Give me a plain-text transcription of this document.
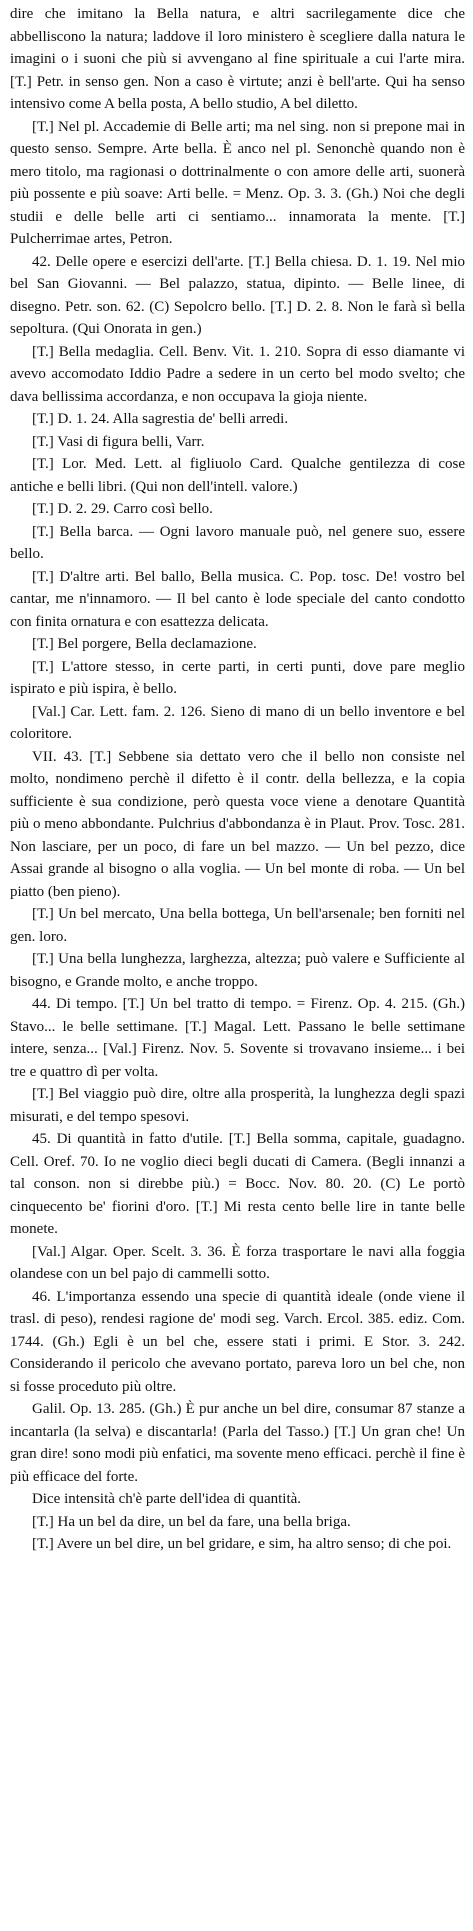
dire che imitano la Bella natura, e altri sacrilegamente dice che abbelliscono la natura; laddove il loro ministero è scegliere dalla natura le imagini o i suoni che più si avvengano al fine spirituale a cui l'arte mira. [T.] Petr. in senso gen. Non a caso è virtute; anzi è bell'arte. Qui ha senso intensivo come A bella posta, A bello studio, A bel diletto.

[T.] Nel pl. Accademie di Belle arti; ma nel sing. non si prepone mai in questo senso. Sempre. Arte bella. È anco nel pl. Senonchè quando non è mero titolo, ma ragionasi o dottrinalmente o con amore delle arti, suonerà più possente e più soave: Arti belle. = Menz. Op. 3. 3. (Gh.) Noi che degli studii e delle belle arti ci sentiamo... innamorata la mente. [T.] Pulcherrimae artes, Petron.

42. Delle opere e esercizi dell'arte. [T.] Bella chiesa. D. 1. 19. Nel mio bel San Giovanni. — Bel palazzo, statua, dipinto. — Belle linee, di disegno. Petr. son. 62. (C) Sepolcro bello. [T.] D. 2. 8. Non le farà sì bella sepoltura. (Qui Onorata in gen.)

[T.] Bella medaglia. Cell. Benv. Vit. 1. 210. Sopra di esso diamante vi avevo accomodato Iddio Padre a sedere in un certo bel modo svelto; che dava bellissima accordanza, e non occupava la gioja niente.

[T.] D. 1. 24. Alla sagrestia de' belli arredi.

[T.] Vasi di figura belli, Varr.

[T.] Lor. Med. Lett. al figliuolo Card. Qualche gentilezza di cose antiche e belli libri. (Qui non dell'intell. valore.)

[T.] D. 2. 29. Carro così bello.

[T.] Bella barca. — Ogni lavoro manuale può, nel genere suo, essere bello.

[T.] D'altre arti. Bel ballo, Bella musica. C. Pop. tosc. De! vostro bel cantar, me n'innamoro. — Il bel canto è lode speciale del canto condotto con finita ornatura e con esattezza delicata.

[T.] Bel porgere, Bella declamazione.

[T.] L'attore stesso, in certe parti, in certi punti, dove pare meglio ispirato e più ispira, è bello.

[Val.] Car. Lett. fam. 2. 126. Sieno di mano di un bello inventore e bel coloritore.

VII. 43. [T.] Sebbene sia dettato vero che il bello non consiste nel molto, nondimeno perchè il difetto è il contr. della bellezza, e la copia sufficiente è sua condizione, però questa voce viene a denotare Quantità più o meno abbondante. Pulchrius d'abbondanza è in Plaut. Prov. Tosc. 281. Non lasciare, per un poco, di fare un bel mazzo. — Un bel pezzo, dice Assai grande al bisogno o alla voglia. — Un bel monte di roba. — Un bel piatto (ben pieno).

[T.] Un bel mercato, Una bella bottega, Un bell'arsenale; ben forniti nel gen. loro.

[T.] Una bella lunghezza, larghezza, altezza; può valere e Sufficiente al bisogno, e Grande molto, e anche troppo.

44. Di tempo. [T.] Un bel tratto di tempo. = Firenz. Op. 4. 215. (Gh.) Stavo... le belle settimane. [T.] Magal. Lett. Passano le belle settimane intere, senza... [Val.] Firenz. Nov. 5. Sovente si trovavano insieme... i bei tre e quattro dì per volta.

[T.] Bel viaggio può dire, oltre alla prosperità, la lunghezza degli spazi misurati, e del tempo spesovi.

45. Di quantità in fatto d'utile. [T.] Bella somma, capitale, guadagno. Cell. Oref. 70. Io ne voglio dieci begli ducati di Camera. (Begli innanzi a tal conson. non si direbbe più.) = Bocc. Nov. 80. 20. (C) Le portò cinquecento be' fiorini d'oro. [T.] Mi resta cento belle lire in tante belle monete.

[Val.] Algar. Oper. Scelt. 3. 36. È forza trasportare le navi alla foggia olandese con un bel pajo di cammelli sotto.

46. L'importanza essendo una specie di quantità ideale (onde viene il trasl. di peso), rendesi ragione de' modi seg. Varch. Ercol. 385. ediz. Com. 1744. (Gh.) Egli è un bel che, essere stati i primi. E Stor. 3. 242. Considerando il pericolo che avevano portato, pareva loro un bel che, non si fosse proceduto più oltre.

Galil. Op. 13. 285. (Gh.) È pur anche un bel dire, consumar 87 stanze a incantarla (la selva) e discantarla! (Parla del Tasso.) [T.] Un gran che! Un gran dire! sono modi più enfatici, ma sovente meno efficaci. perchè il fine è più efficace del forte.

Dice intensità ch'è parte dell'idea di quantità.

[T.] Ha un bel da dire, un bel da fare, una bella briga.

[T.] Avere un bel dire, un bel gridare, e sim, ha altro senso; di che poi.
